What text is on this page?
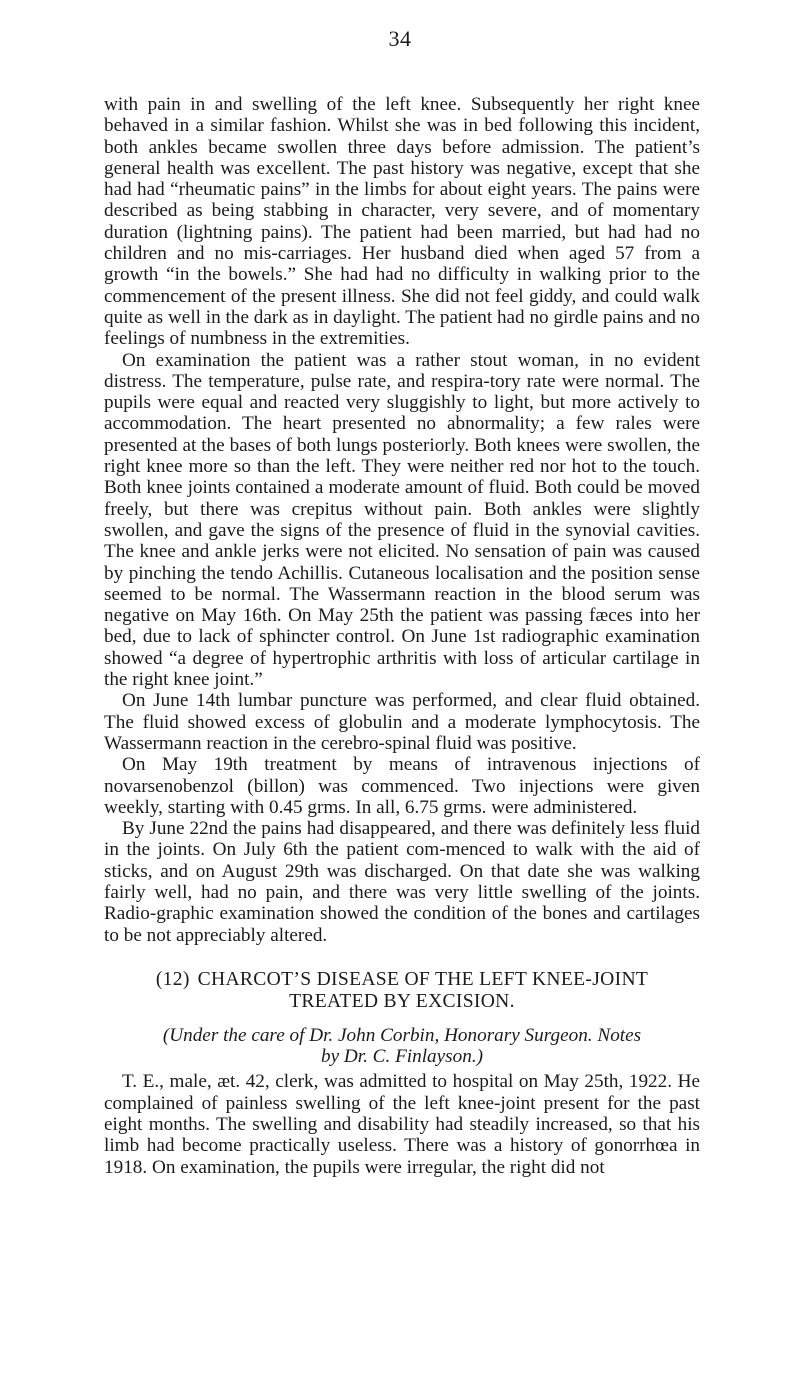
34

with pain in and swelling of the left knee. Subsequently her right knee behaved in a similar fashion. Whilst she was in bed following this incident, both ankles became swollen three days before admission. The patient’s general health was excellent. The past history was negative, except that she had had “rheumatic pains” in the limbs for about eight years. The pains were described as being stabbing in character, very severe, and of momentary duration (lightning pains). The patient had been married, but had had no children and no mis-carriages. Her husband died when aged 57 from a growth “in the bowels.” She had had no difficulty in walking prior to the commencement of the present illness. She did not feel giddy, and could walk quite as well in the dark as in daylight. The patient had no girdle pains and no feelings of numbness in the extremities.

On examination the patient was a rather stout woman, in no evident distress. The temperature, pulse rate, and respira-tory rate were normal. The pupils were equal and reacted very sluggishly to light, but more actively to accommodation. The heart presented no abnormality; a few rales were presented at the bases of both lungs posteriorly. Both knees were swollen, the right knee more so than the left. They were neither red nor hot to the touch. Both knee joints contained a moderate amount of fluid. Both could be moved freely, but there was crepitus without pain. Both ankles were slightly swollen, and gave the signs of the presence of fluid in the synovial cavities. The knee and ankle jerks were not elicited. No sensation of pain was caused by pinching the tendo Achillis. Cutaneous localisation and the position sense seemed to be normal. The Wassermann reaction in the blood serum was negative on May 16th. On May 25th the patient was passing fæces into her bed, due to lack of sphincter control. On June 1st radiographic examination showed “a degree of hypertrophic arthritis with loss of articular cartilage in the right knee joint.”

On June 14th lumbar puncture was performed, and clear fluid obtained. The fluid showed excess of globulin and a moderate lymphocytosis. The Wassermann reaction in the cerebro-spinal fluid was positive.

On May 19th treatment by means of intravenous injections of novarsenobenzol (billon) was commenced. Two injections were given weekly, starting with 0.45 grms. In all, 6.75 grms. were administered.

By June 22nd the pains had disappeared, and there was definitely less fluid in the joints. On July 6th the patient com-menced to walk with the aid of sticks, and on August 29th was discharged. On that date she was walking fairly well, had no pain, and there was very little swelling of the joints. Radio-graphic examination showed the condition of the bones and cartilages to be not appreciably altered.

(12) CHARCOT’S DISEASE OF THE LEFT KNEE-JOINT
TREATED BY EXCISION.
(Under the care of Dr. John Corbin, Honorary Surgeon. Notes
by Dr. C. Finlayson.)

T. E., male, æt. 42, clerk, was admitted to hospital on May 25th, 1922. He complained of painless swelling of the left knee-joint present for the past eight months. The swelling and disability had steadily increased, so that his limb had become practically useless. There was a history of gonorrhœa in 1918. On examination, the pupils were irregular, the right did not
